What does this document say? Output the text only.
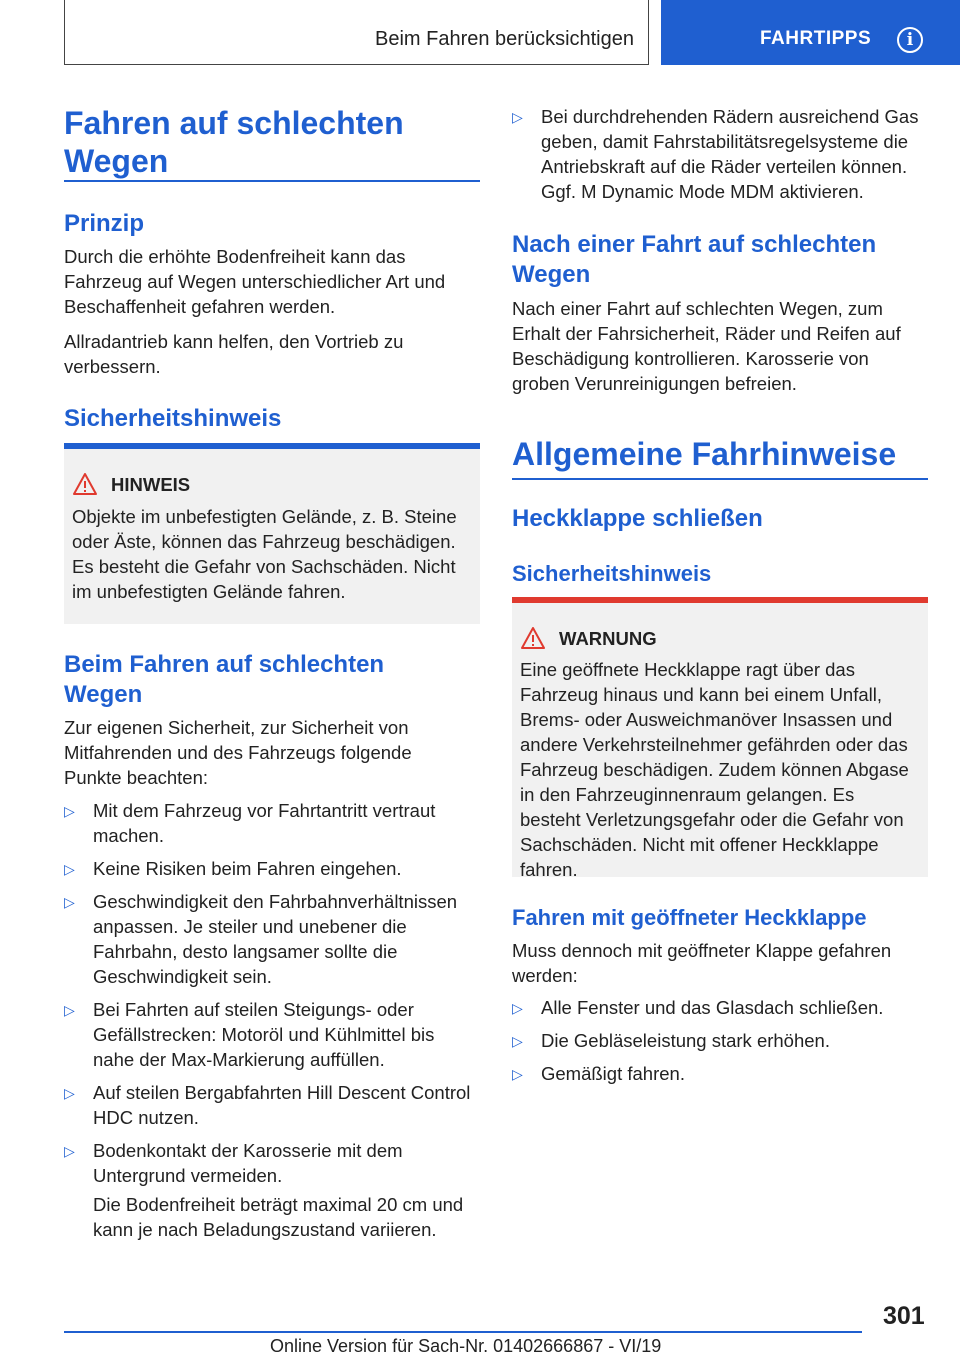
Beim Fahren berücksichtigen	FAHRTIPPS	i
Fahren auf schlechten Wegen
Prinzip
Durch die erhöhte Bodenfreiheit kann das Fahrzeug auf Wegen unterschiedlicher Art und Beschaffenheit gefahren werden.
Allradantrieb kann helfen, den Vortrieb zu verbessern.
Sicherheitshinweis
HINWEIS
Objekte im unbefestigten Gelände, z. B. Steine oder Äste, können das Fahrzeug beschädigen. Es besteht die Gefahr von Sachschäden. Nicht im unbefestigten Gelände fahren.
Beim Fahren auf schlechten Wegen
Zur eigenen Sicherheit, zur Sicherheit von Mitfahrenden und des Fahrzeugs folgende Punkte beachten:
▷ Mit dem Fahrzeug vor Fahrtantritt vertraut machen.
▷ Keine Risiken beim Fahren eingehen.
▷ Geschwindigkeit den Fahrbahnverhältnissen anpassen. Je steiler und unebener die Fahrbahn, desto langsamer sollte die Geschwindigkeit sein.
▷ Bei Fahrten auf steilen Steigungs- oder Gefällstrecken: Motoröl und Kühlmittel bis nahe der Max-Markierung auffüllen.
▷ Auf steilen Bergabfahrten Hill Descent Control HDC nutzen.
▷ Bodenkontakt der Karosserie mit dem Untergrund vermeiden.
Die Bodenfreiheit beträgt maximal 20 cm und kann je nach Beladungszustand variieren.
▷ Bei durchdrehenden Rädern ausreichend Gas geben, damit Fahrstabilitätsregelsysteme die Antriebskraft auf die Räder verteilen können. Ggf. M Dynamic Mode MDM aktivieren.
Nach einer Fahrt auf schlechten Wegen
Nach einer Fahrt auf schlechten Wegen, zum Erhalt der Fahrsicherheit, Räder und Reifen auf Beschädigung kontrollieren. Karosserie von groben Verunreinigungen befreien.
Allgemeine Fahrhinweise
Heckklappe schließen
Sicherheitshinweis
WARNUNG
Eine geöffnete Heckklappe ragt über das Fahrzeug hinaus und kann bei einem Unfall, Brems- oder Ausweichmanöver Insassen und andere Verkehrsteilnehmer gefährden oder das Fahrzeug beschädigen. Zudem können Abgase in den Fahrzeuginnenraum gelangen. Es besteht Verletzungsgefahr oder die Gefahr von Sachschäden. Nicht mit offener Heckklappe fahren.
Fahren mit geöffneter Heckklappe
Muss dennoch mit geöffneter Klappe gefahren werden:
▷ Alle Fenster und das Glasdach schließen.
▷ Die Gebläseleistung stark erhöhen.
▷ Gemäßigt fahren.
301
Online Version für Sach-Nr. 01402666867 - VI/19
